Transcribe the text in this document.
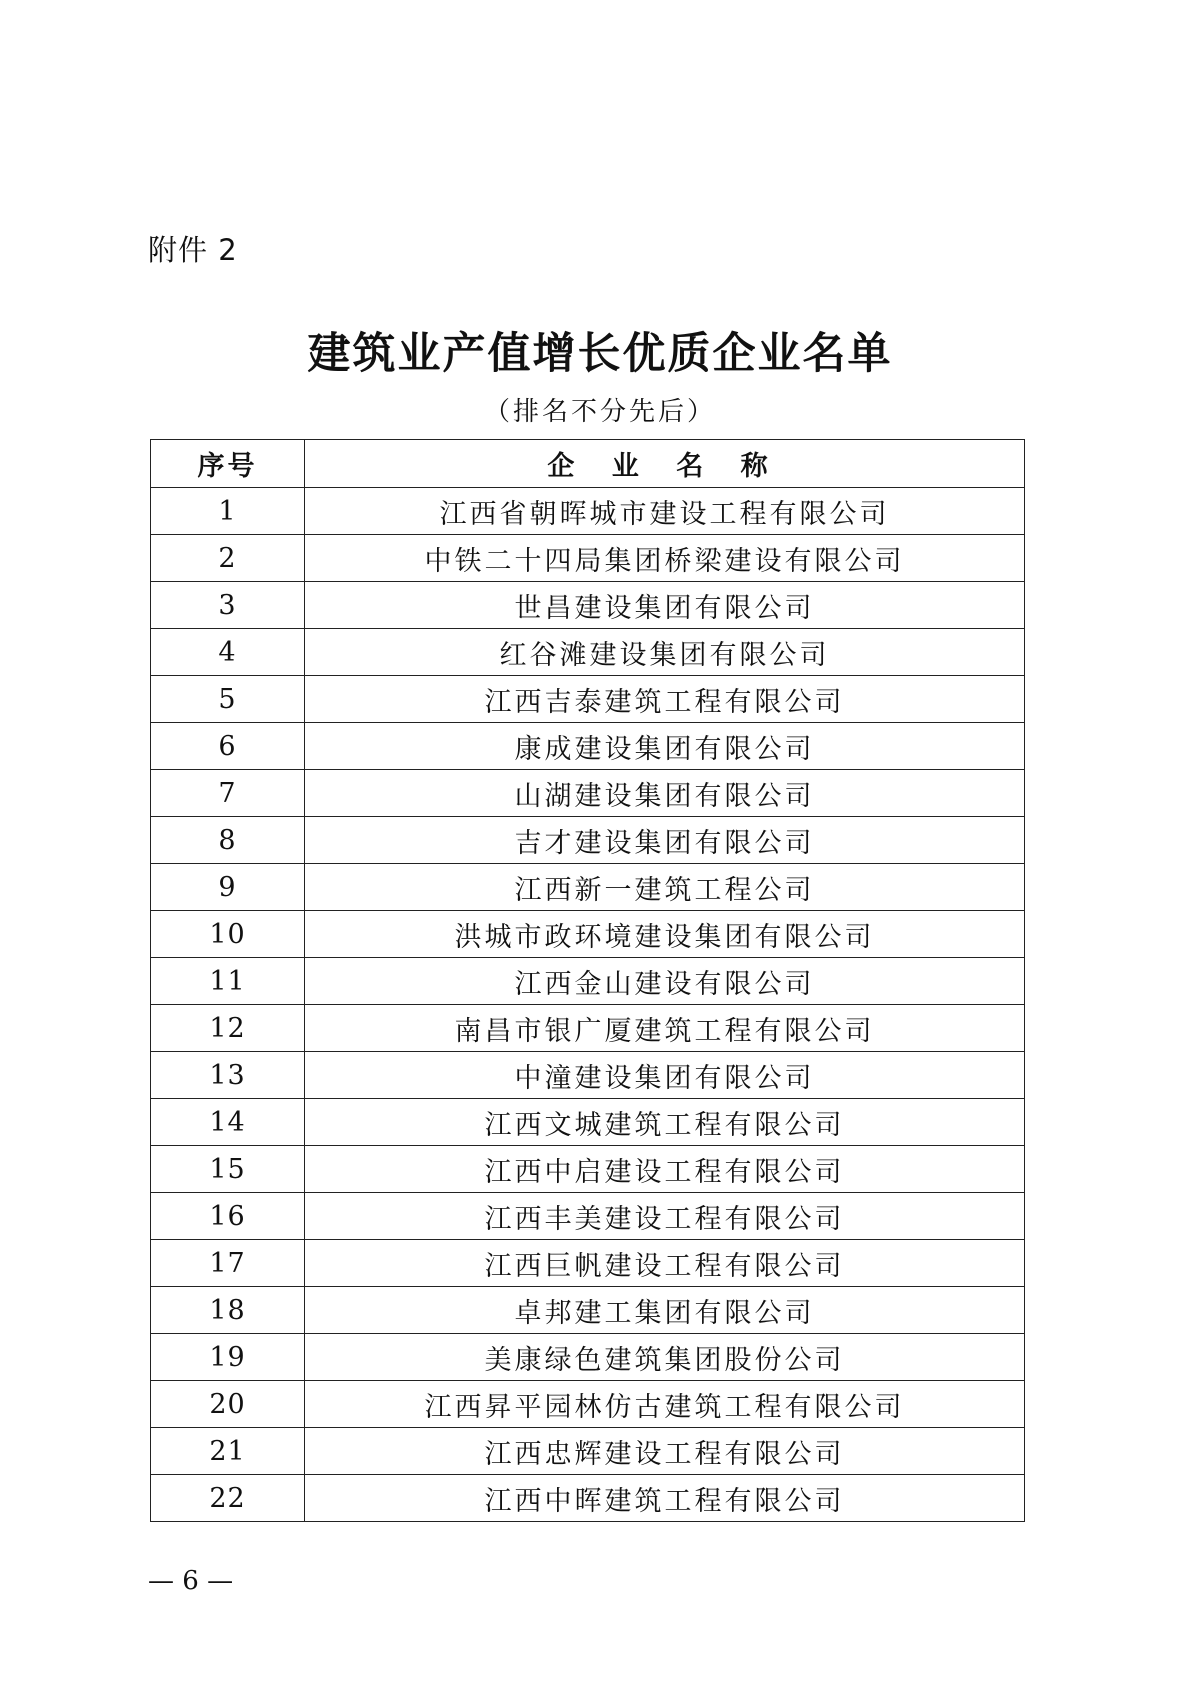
附件 2
建筑业产值增长优质企业名单
（排名不分先后）
序号	企 业 名 称
1	江西省朝晖城市建设工程有限公司
2	中铁二十四局集团桥梁建设有限公司
3	世昌建设集团有限公司
4	红谷滩建设集团有限公司
5	江西吉泰建筑工程有限公司
6	康成建设集团有限公司
7	山湖建设集团有限公司
8	吉才建设集团有限公司
9	江西新一建筑工程公司
10	洪城市政环境建设集团有限公司
11	江西金山建设有限公司
12	南昌市银广厦建筑工程有限公司
13	中潼建设集团有限公司
14	江西文城建筑工程有限公司
15	江西中启建设工程有限公司
16	江西丰美建设工程有限公司
17	江西巨帆建设工程有限公司
18	卓邦建工集团有限公司
19	美康绿色建筑集团股份公司
20	江西昇平园林仿古建筑工程有限公司
21	江西忠辉建设工程有限公司
22	江西中晖建筑工程有限公司
— 6 —
